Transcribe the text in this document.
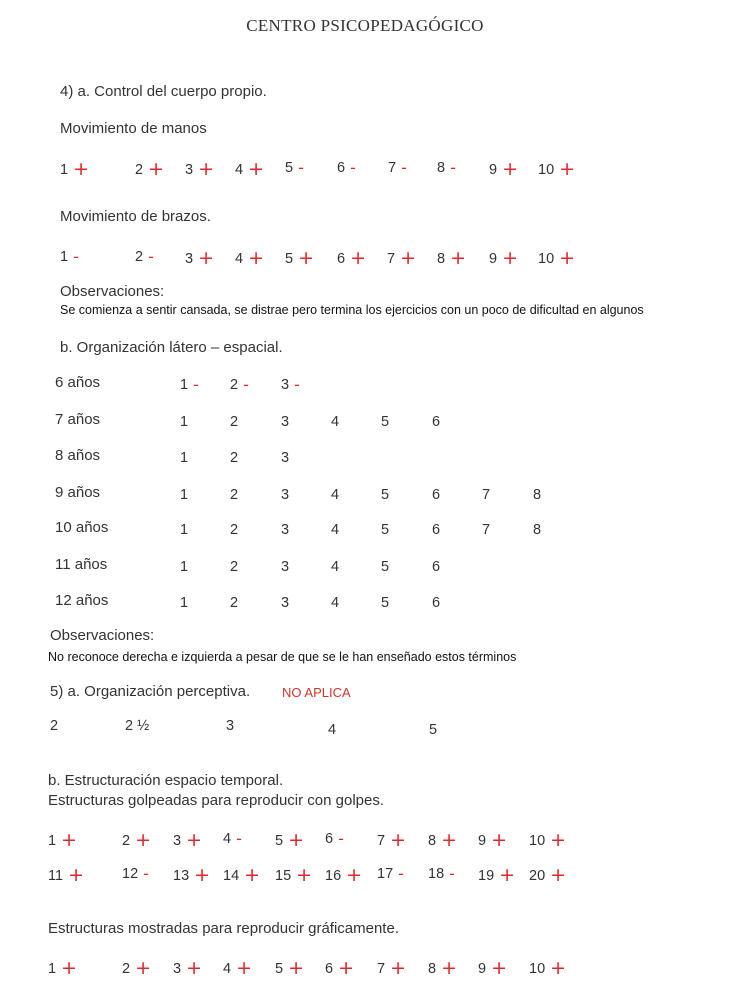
CENTRO PSICOPEDAGÓGICO
4) a. Control del cuerpo propio.
Movimiento de manos
1 +	2 + 3 + 4 + 5 - 6 - 7 - 8 - 9 + 10 +
Movimiento de brazos.
1 -	2 - 3 + 4 + 5 + 6 + 7 + 8 + 9 + 10 +
Observaciones:
Se comienza a sentir cansada, se distrae pero termina los ejercicios con un poco de dificultad en algunos
b. Organización látero – espacial.
6 años	1 - 2 - 3 -
7 años	1	2	3	4	5	6
8 años	1	2	3
9 años	1	2	3	4	5	6	7	8
10 años	1	2	3	4	5	6	7	8
11 años	1	2	3	4	5	6
12 años	1	2	3	4	5	6
Observaciones:
No reconoce derecha e izquierda a pesar de que se le han enseñado estos términos
5) a. Organización perceptiva. NO APLICA
2	2 ½	3	4	5
b. Estructuración espacio temporal.
Estructuras golpeadas para reproducir con golpes.
1 +	2 + 3 + 4 - 5 + 6 - 7 + 8 + 9 + 10 +
11 +	12 - 13 + 14 + 15 + 16 + 17 - 18 - 19 + 20 +
Estructuras mostradas para reproducir gráficamente.
1 +	2 + 3 + 4 + 5 + 6 + 7 + 8 + 9 + 10 +
